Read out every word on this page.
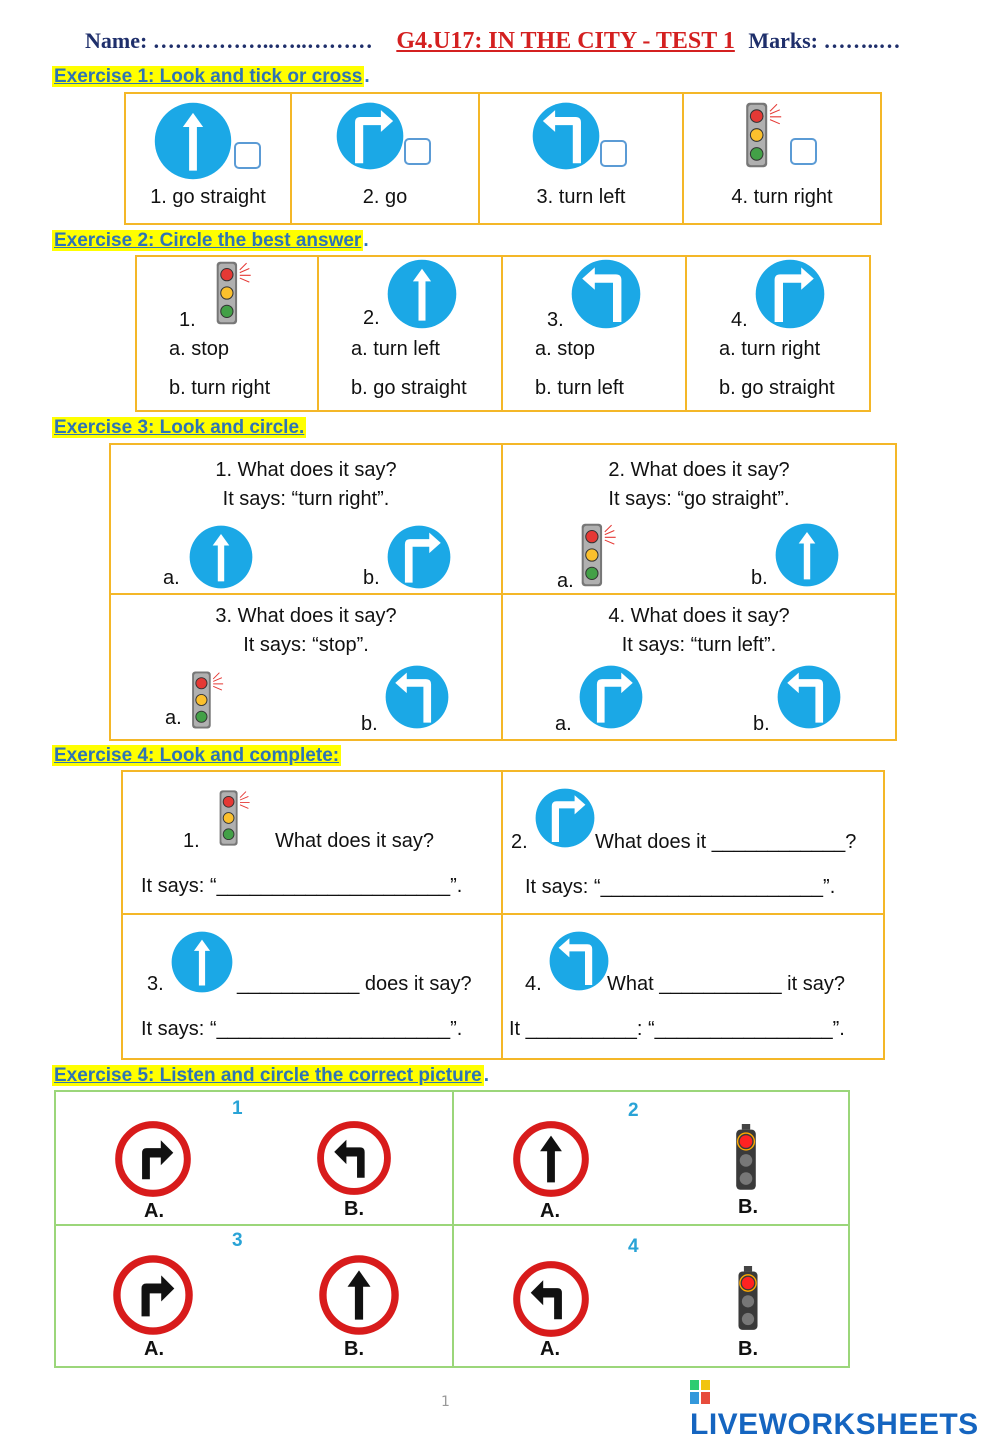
Name: ……………..…..……… G4.U17: IN THE CITY - TEST 1 Marks: ……..…
Exercise 1: Look and tick or cross .
1. go straight	2. go	3. turn left	4. turn right
Exercise 2: Circle the best answer .
1.
a. stop
b. turn right
2.
a. turn left
b. go straight
3.
a. stop
b. turn left
4.
a. turn right
b. go straight
Exercise 3: Look and circle.
1. What does it say?
It says: “turn right”.
a.	b.
2. What does it say?
It says: “go straight”.
a.	b.
3. What does it say?
It says: “stop”.
a.	b.
4. What does it say?
It says: “turn left”.
a.	b.
Exercise 4: Look and complete:
1.	What does it say?
It says: “_____________________”.
2.	What does it ____________?
It says: “____________________”.
3.	___________ does it say?
It says: “_____________________”.
4.	What ___________ it say?
It __________: “________________”.
Exercise 5: Listen and circle the correct picture .
1
A.	B.
2
A.	B.
3
A.	B.
4
A.	B.
1
LIVEWORKSHEETS
